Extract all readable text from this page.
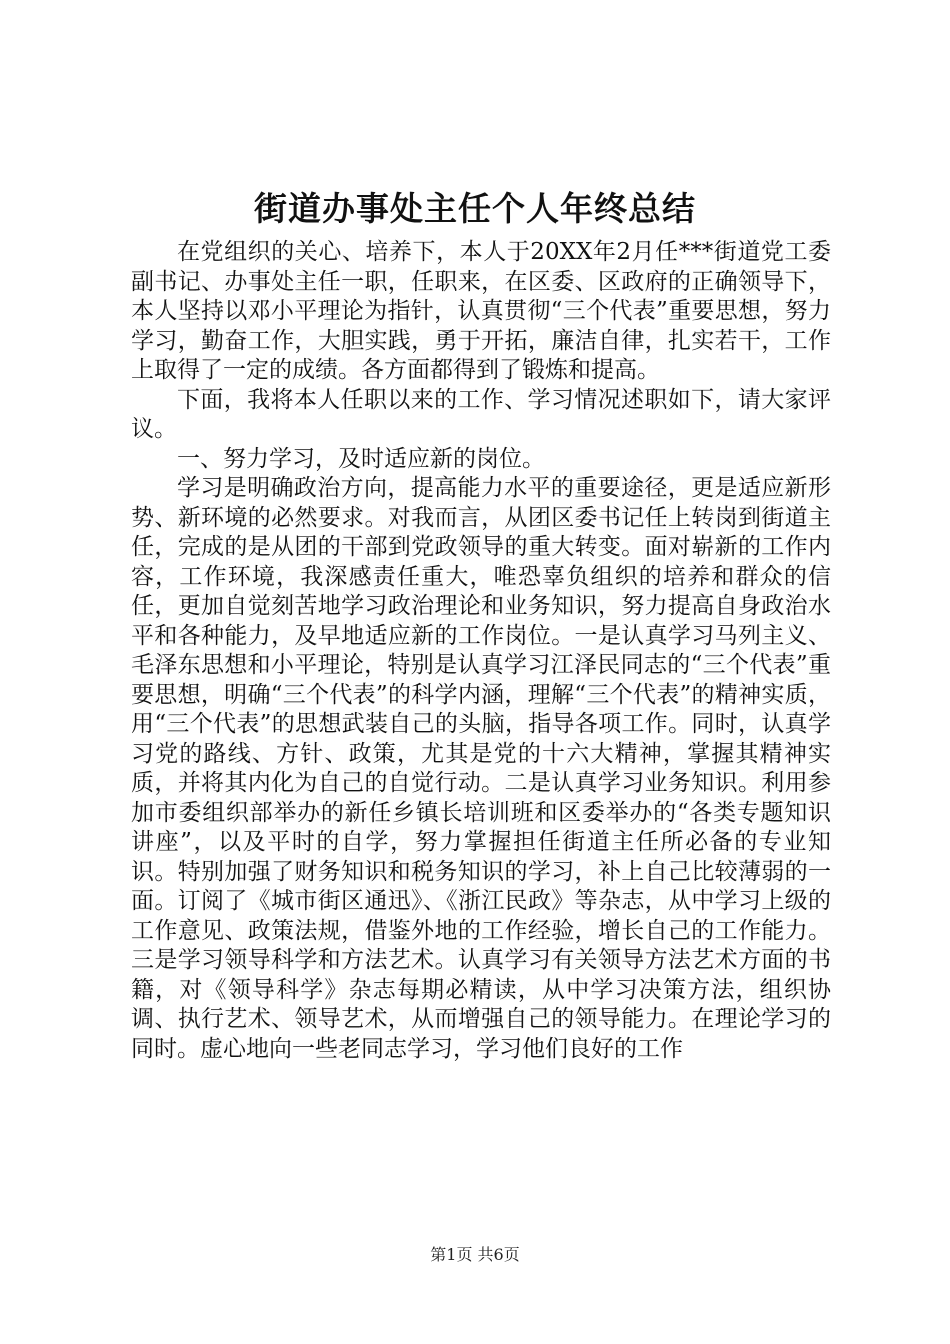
街道办事处主任个人年终总结

在党组织的关心、培养下，本人于20XX年2月任***街道党工委副书记、办事处主任一职，任职来，在区委、区政府的正确领导下，本人坚持以邓小平理论为指针，认真贯彻“三个代表”重要思想，努力学习，勤奋工作，大胆实践，勇于开拓，廉洁自律，扎实若干，工作上取得了一定的成绩。各方面都得到了锻炼和提高。

下面，我将本人任职以来的工作、学习情况述职如下，请大家评议。

一、努力学习，及时适应新的岗位。

学习是明确政治方向，提高能力水平的重要途径，更是适应新形势、新环境的必然要求。对我而言，从团区委书记任上转岗到街道主任，完成的是从团的干部到党政领导的重大转变。面对崭新的工作内容，工作环境，我深感责任重大，唯恐辜负组织的培养和群众的信任，更加自觉刻苦地学习政治理论和业务知识，努力提高自身政治水平和各种能力，及早地适应新的工作岗位。一是认真学习马列主义、毛泽东思想和小平理论，特别是认真学习江泽民同志的“三个代表”重要思想，明确“三个代表”的科学内涵，理解“三个代表”的精神实质，用“三个代表”的思想武装自己的头脑，指导各项工作。同时，认真学习党的路线、方针、政策，尤其是党的十六大精神，掌握其精神实质，并将其内化为自己的自觉行动。二是认真学习业务知识。利用参加市委组织部举办的新任乡镇长培训班和区委举办的“各类专题知识讲座”，以及平时的自学，努力掌握担任街道主任所必备的专业知识。特别加强了财务知识和税务知识的学习，补上自己比较薄弱的一面。订阅了《城市街区通迅》、《浙江民政》等杂志，从中学习上级的工作意见、政策法规，借鉴外地的工作经验，增长自己的工作能力。三是学习领导科学和方法艺术。认真学习有关领导方法艺术方面的书籍，对《领导科学》杂志每期必精读，从中学习决策方法，组织协调、执行艺术、领导艺术，从而增强自己的领导能力。在理论学习的同时。虚心地向一些老同志学习，学习他们良好的工作

第1页 共6页
